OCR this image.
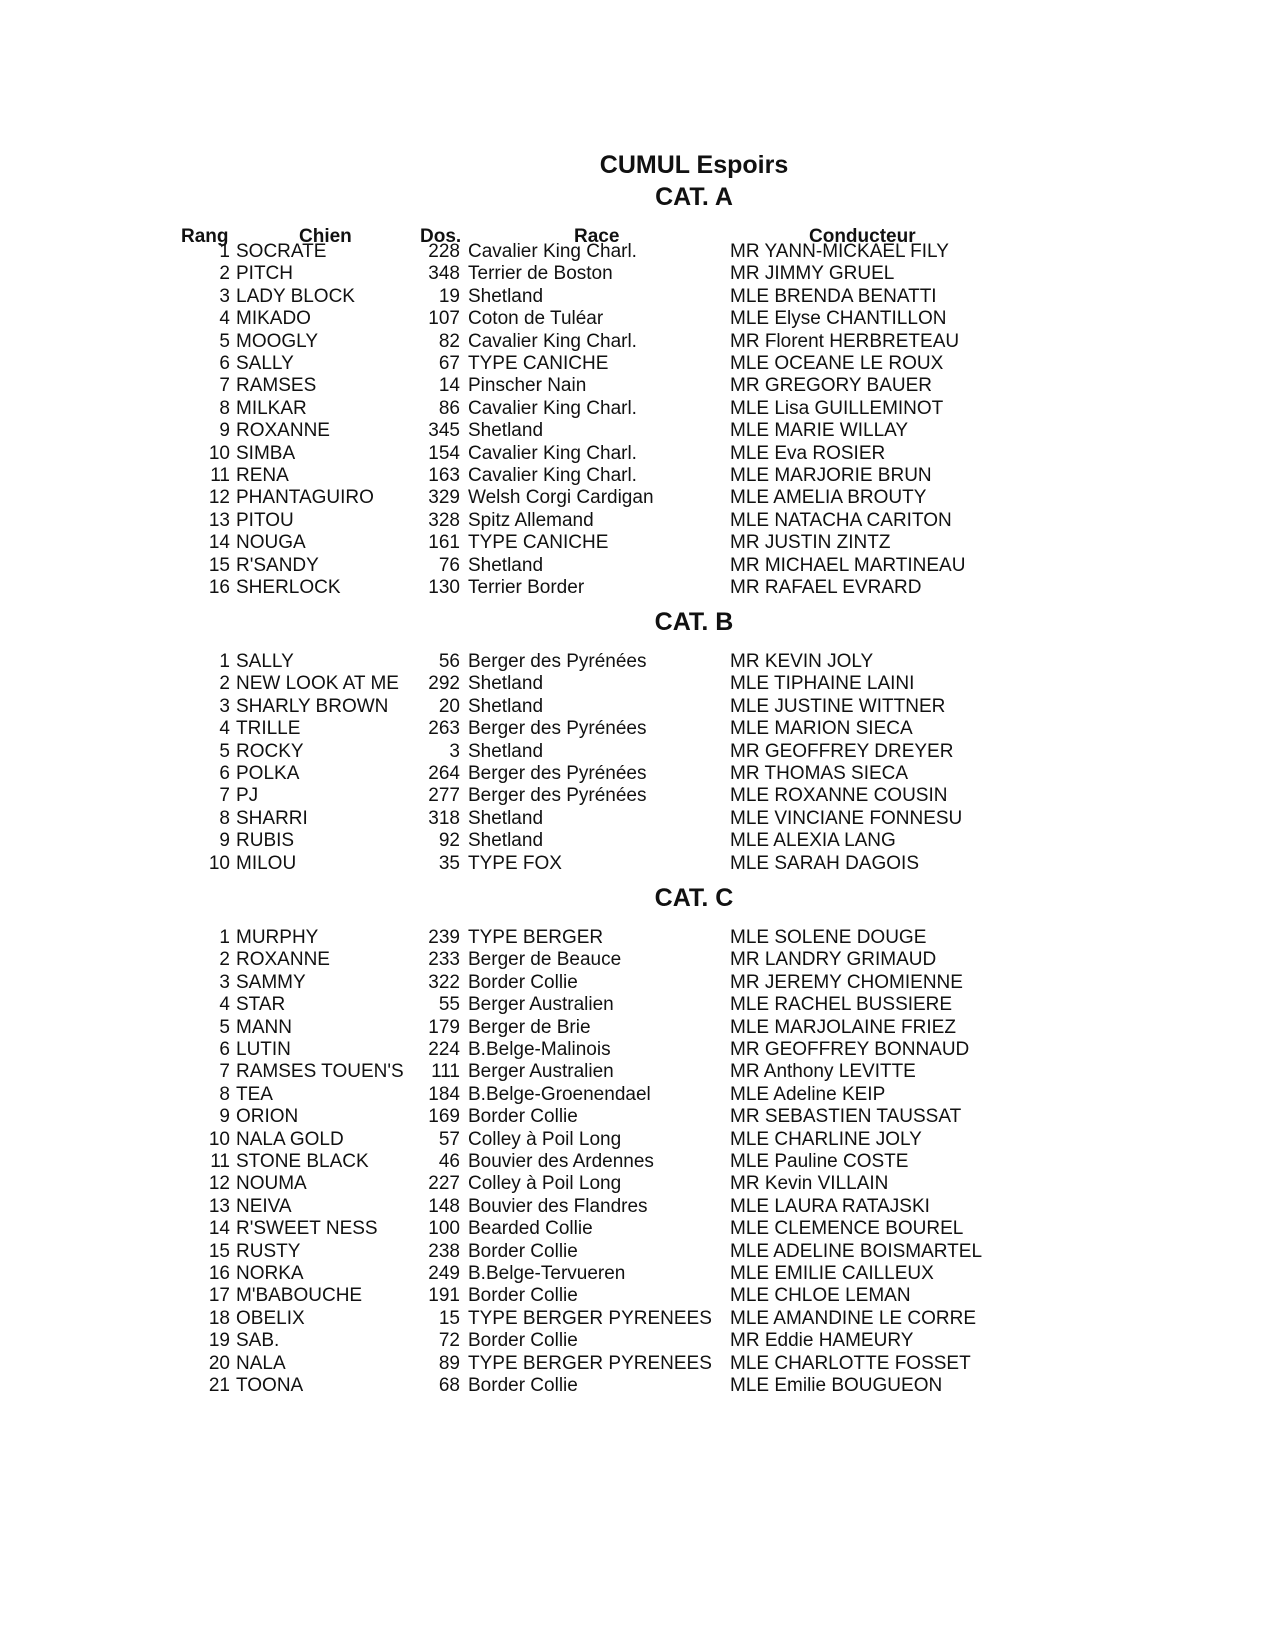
CUMUL Espoirs
CAT. A
Rang	Chien	Dos.	Race	Conducteur
1 SOCRATE	228 Cavalier King Charl.	MR YANN-MICKAEL FILY
2 PITCH	348 Terrier de Boston	MR JIMMY GRUEL
3 LADY BLOCK	19 Shetland	MLE BRENDA BENATTI
4 MIKADO	107 Coton de Tuléar	MLE Elyse CHANTILLON
5 MOOGLY	82 Cavalier King Charl.	MR Florent HERBRETEAU
6 SALLY	67 TYPE CANICHE	MLE OCEANE LE ROUX
7 RAMSES	14 Pinscher Nain	MR GREGORY BAUER
8 MILKAR	86 Cavalier King Charl.	MLE Lisa GUILLEMINOT
9 ROXANNE	345 Shetland	MLE MARIE WILLAY
10 SIMBA	154 Cavalier King Charl.	MLE Eva ROSIER
11 RENA	163 Cavalier King Charl.	MLE MARJORIE BRUN
12 PHANTAGUIRO	329 Welsh Corgi Cardigan	MLE AMELIA BROUTY
13 PITOU	328 Spitz Allemand	MLE NATACHA CARITON
14 NOUGA	161 TYPE CANICHE	MR JUSTIN ZINTZ
15 R'SANDY	76 Shetland	MR MICHAEL MARTINEAU
16 SHERLOCK	130 Terrier Border	MR RAFAEL EVRARD
CAT. B
1 SALLY	56 Berger des Pyrénées	MR KEVIN JOLY
2 NEW LOOK AT ME	292 Shetland	MLE TIPHAINE LAINI
3 SHARLY BROWN	20 Shetland	MLE JUSTINE WITTNER
4 TRILLE	263 Berger des Pyrénées	MLE MARION SIECA
5 ROCKY	3 Shetland	MR GEOFFREY DREYER
6 POLKA	264 Berger des Pyrénées	MR THOMAS SIECA
7 PJ	277 Berger des Pyrénées	MLE ROXANNE COUSIN
8 SHARRI	318 Shetland	MLE VINCIANE FONNESU
9 RUBIS	92 Shetland	MLE ALEXIA LANG
10 MILOU	35 TYPE FOX	MLE SARAH DAGOIS
CAT. C
1 MURPHY	239 TYPE BERGER	MLE SOLENE DOUGE
2 ROXANNE	233 Berger de Beauce	MR LANDRY GRIMAUD
3 SAMMY	322 Border Collie	MR JEREMY CHOMIENNE
4 STAR	55 Berger Australien	MLE RACHEL BUSSIERE
5 MANN	179 Berger de Brie	MLE MARJOLAINE FRIEZ
6 LUTIN	224 B.Belge-Malinois	MR GEOFFREY BONNAUD
7 RAMSES TOUEN'S	111 Berger Australien	MR Anthony LEVITTE
8 TEA	184 B.Belge-Groenendael	MLE Adeline KEIP
9 ORION	169 Border Collie	MR SEBASTIEN TAUSSAT
10 NALA GOLD	57 Colley à Poil Long	MLE CHARLINE JOLY
11 STONE BLACK	46 Bouvier des Ardennes	MLE Pauline COSTE
12 NOUMA	227 Colley à Poil Long	MR Kevin VILLAIN
13 NEIVA	148 Bouvier des Flandres	MLE LAURA RATAJSKI
14 R'SWEET NESS	100 Bearded Collie	MLE CLEMENCE BOUREL
15 RUSTY	238 Border Collie	MLE ADELINE BOISMARTEL
16 NORKA	249 B.Belge-Tervueren	MLE EMILIE CAILLEUX
17 M'BABOUCHE	191 Border Collie	MLE CHLOE LEMAN
18 OBELIX	15 TYPE BERGER PYRENEES MLE AMANDINE LE CORRE
19 SAB.	72 Border Collie	MR Eddie HAMEURY
20 NALA	89 TYPE BERGER PYRENEES MLE CHARLOTTE FOSSET
21 TOONA	68 Border Collie	MLE Emilie BOUGUEON
